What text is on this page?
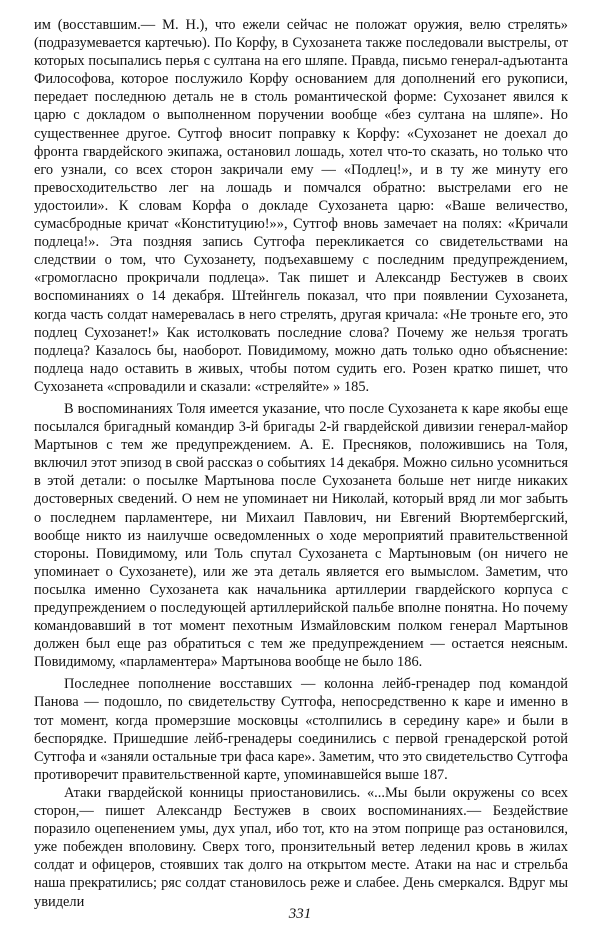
им (восставшим.— М. Н.), что ежели сейчас не положат оружия, велю стрелять» (подразумевается картечью). По Корфу, в Сухозанета также последовали выстрелы, от которых посыпались перья с султана на его шляпе. Правда, письмо генерал-адъютанта Философова, которое послужило Корфу основанием для дополнений его рукописи, передает последнюю деталь не в столь романтической форме: Сухозанет явился к царю с докладом о выполненном поручении вообще «без султана на шляпе». Но существеннее другое. Сутгоф вносит поправку к Корфу: «Сухозанет не доехал до фронта гвардейского экипажа, остановил лошадь, хотел что-то сказать, но только что его узнали, со всех сторон закричали ему — «Подлец!», и в ту же минуту его превосходительство лег на лошадь и помчался обратно: выстрелами его не удостоили». К словам Корфа о докладе Сухозанета царю: «Ваше величество, сумасбродные кричат «Конституцию!»», Сутгоф вновь замечает на полях: «Кричали подлеца!». Эта поздняя запись Сутгофа перекликается со свидетельствами на следствии о том, что Сухозанету, подъехавшему с последним предупреждением, «громогласно прокричали подлеца». Так пишет и Александр Бестужев в своих воспоминаниях о 14 декабря. Штейнгель показал, что при появлении Сухозанета, когда часть солдат намеревалась в него стрелять, другая кричала: «Не троньте его, это подлец Сухозанет!» Как истолковать последние слова? Почему же нельзя трогать подлеца? Казалось бы, наоборот. Повидимому, можно дать только одно объяснение: подлеца надо оставить в живых, чтобы потом судить его. Розен кратко пишет, что Сухозанета «спровадили и сказали: «стреляйте» » 185.

В воспоминаниях Толя имеется указание, что после Сухозанета к каре якобы еще посылался бригадный командир 3-й бригады 2-й гвардейской дивизии генерал-майор Мартынов с тем же предупреждением. А. Е. Пресняков, положившись на Толя, включил этот эпизод в свой рассказ о событиях 14 декабря. Можно сильно усомниться в этой детали: о посылке Мартынова после Сухозанета больше нет нигде никаких достоверных сведений. О нем не упоминает ни Николай, который вряд ли мог забыть о последнем парламентере, ни Михаил Павлович, ни Евгений Вюртембергский, вообще никто из наилучше осведомленных о ходе мероприятий правительственной стороны. Повидимому, или Толь спутал Сухозанета с Мартыновым (он ничего не упоминает о Сухозанете), или же эта деталь является его вымыслом. Заметим, что посылка именно Сухозанета как начальника артиллерии гвардейского корпуса с предупреждением о последующей артиллерийской пальбе вполне понятна. Но почему командовавший в тот момент пехотным Измайловским полком генерал Мартынов должен был еще раз обратиться с тем же предупреждением — остается неясным. Повидимому, «парламентера» Мартынова вообще не было 186.

Последнее пополнение восставших — колонна лейб-гренадер под командой Панова — подошло, по свидетельству Сутгофа, непосредственно к каре и именно в тот момент, когда промерзшие московцы «столпились в середину каре» и были в беспорядке. Пришедшие лейб-гренадеры соединились с первой гренадерской ротой Сутгофа и «заняли остальные три фаса каре». Заметим, что это свидетельство Сутгофа противоречит правительственной карте, упоминавшейся выше 187.

Атаки гвардейской конницы приостановились. «...Мы были окружены со всех сторон,— пишет Александр Бестужев в своих воспоминаниях.— Бездействие поразило оцепенением умы, дух упал, ибо тот, кто на этом поприще раз остановился, уже побежден вполовину. Сверх того, пронзительный ветер леденил кровь в жилах солдат и офицеров, стоявших так долго на открытом месте. Атаки на нас и стрельба наша прекратились; ряс солдат становилось реже и слабее. День смеркался. Вдруг мы увидели

331
